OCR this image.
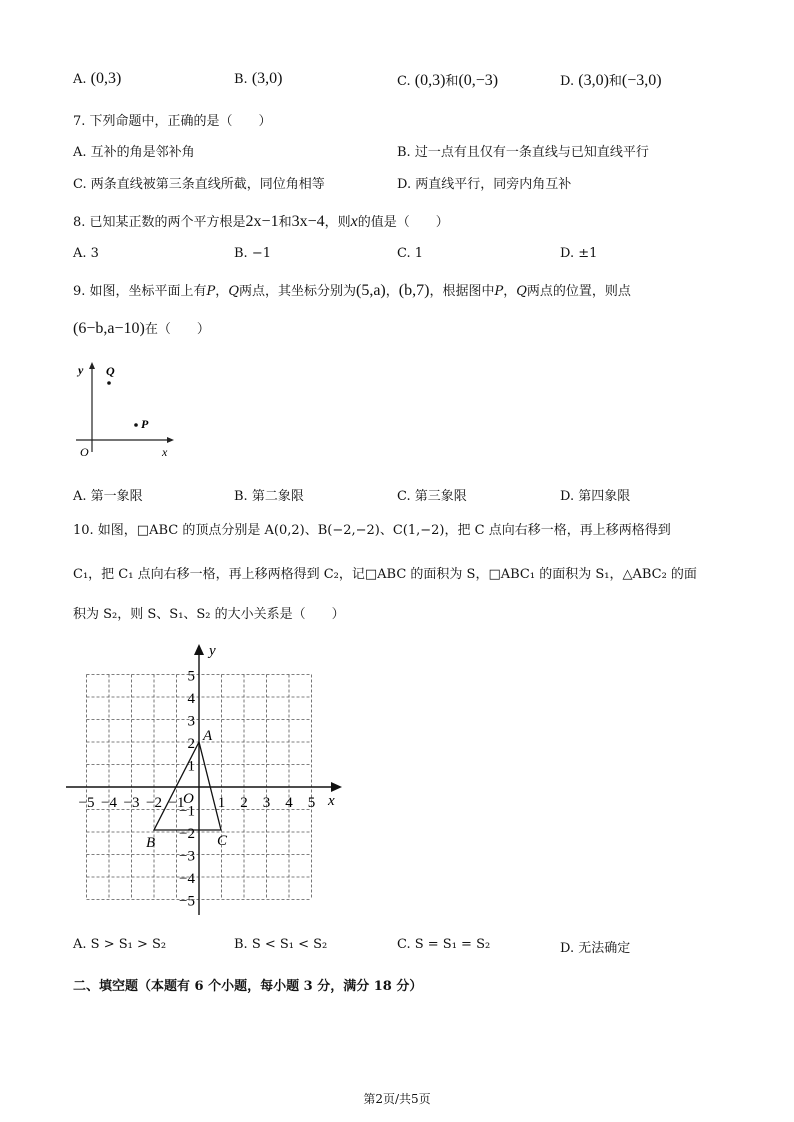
A. (0,3)	B. (3,0)	C. (0,3)和(0,−3)	D. (3,0)和(−3,0)
7. 下列命题中，正确的是（　　）
A. 互补的角是邻补角	B. 过一点有且仅有一条直线与已知直线平行
C. 两条直线被第三条直线所截，同位角相等	D. 两直线平行，同旁内角互补
8. 已知某正数的两个平方根是2x−1和3x−4，则x的值是（　　）
A. 3	B. −1	C. 1	D. ±1
9. 如图，坐标平面上有P，Q两点，其坐标分别为(5,a)，(b,7)，根据图中P，Q两点的位置，则点
(6−b,a−10)在（　　）
y Q
P
O	x
A. 第一象限	B. 第二象限	C. 第三象限	D. 第四象限
10. 如图，□ABC 的顶点分别是 A(0,2)、B(−2,−2)、C(1,−2)，把 C 点向右移一格，再上移两格得到
C₁，把 C₁ 点向右移一格，再上移两格得到 C₂，记□ABC 的面积为 S，□ABC₁ 的面积为 S₁，△ABC₂ 的面
积为 S₂，则 S、S₁、S₂ 的大小关系是（　　）
x
y
−5 −4 −3 −2 −1 1 2 3 4 5
5
4
3
2
1
−1
−2
−3
−4
−5
O
A
B	C
A. S > S₁ > S₂	B. S < S₁ < S₂	C. S = S₁ = S₂	D. 无法确定
二、填空题（本题有 6 个小题，每小题 3 分，满分 18 分）
第2页/共5页
